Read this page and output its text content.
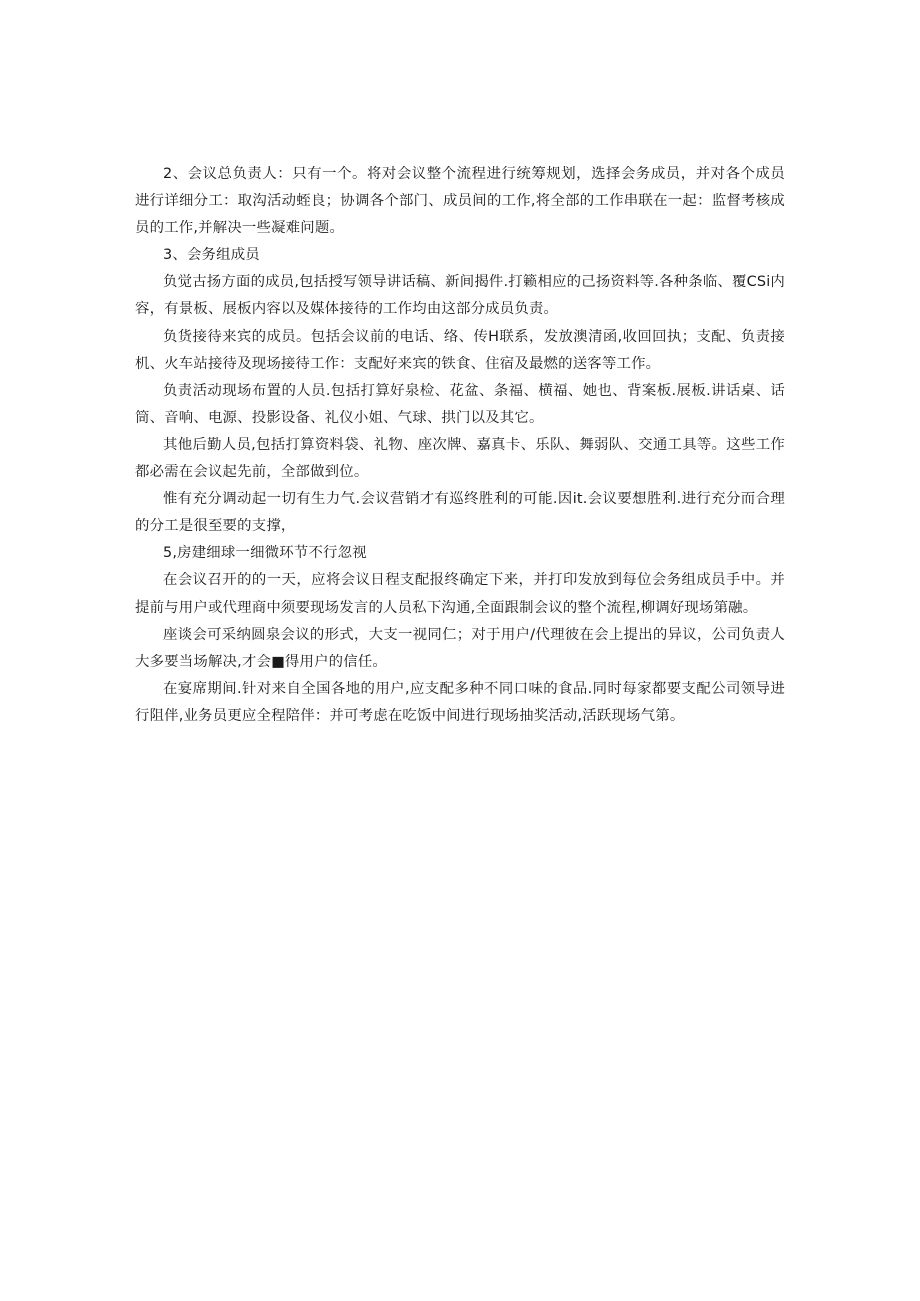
2、会议总负责人：只有一个。将对会议整个流程进行统筹规划，选择会务成员，并对各个成员进行详细分工：取沟活动蛭良；协调各个部门、成员间的工作,将全部的工作串联在一起：监督考核成员的工作,并解决一些凝难问题。

3、会务组成员

负觉古扬方面的成员,包括授写领导讲话稿、新间揭件.打籁相应的己扬资料等.各种条临、覆CSi内容，有景板、展板内容以及媒体接待的工作均由这部分成员负责。

负货接待来宾的成员。包括会议前的电话、络、传H联系，发放澳清函,收回回执；支配、负责接机、火车站接待及现场接待工作：支配好来宾的铁食、住宿及最燃的送客等工作。

负责活动现场布置的人员.包括打算好泉检、花盆、条福、横福、她也、背案板.展板.讲话桌、话筒、音响、电源、投影设备、礼仪小姐、气球、拱门以及其它。

其他后勤人员,包括打算资料袋、礼物、座次牌、嘉真卡、乐队、舞弱队、交通工具等。这些工作都必需在会议起先前，全部做到位。

惟有充分调动起一切有生力气.会议营销才有巡终胜利的可能.因it.会议要想胜利.进行充分而合理的分工是很至要的支撑，

5,房建细球一细微环节不行忽视

在会议召开的的一天，应将会议日程支配报终确定下来，并打印发放到每位会务组成员手中。并提前与用户或代理商中须要现场发言的人员私下沟通,全面跟制会议的整个流程,柳调好现场第融。

座谈会可采纳圆泉会议的形式，大支一视同仁；对于用户/代理彼在会上提出的异议，公司负责人大多要当场解决,才会■得用户的信任。

在宴席期间.针对来自全国各地的用户,应支配多种不同口味的食品.同时每家都要支配公司领导进行阻伴,业务员更应全程陪伴：并可考虑在吃饭中间进行现场抽奖活动,活跃现场气第。
